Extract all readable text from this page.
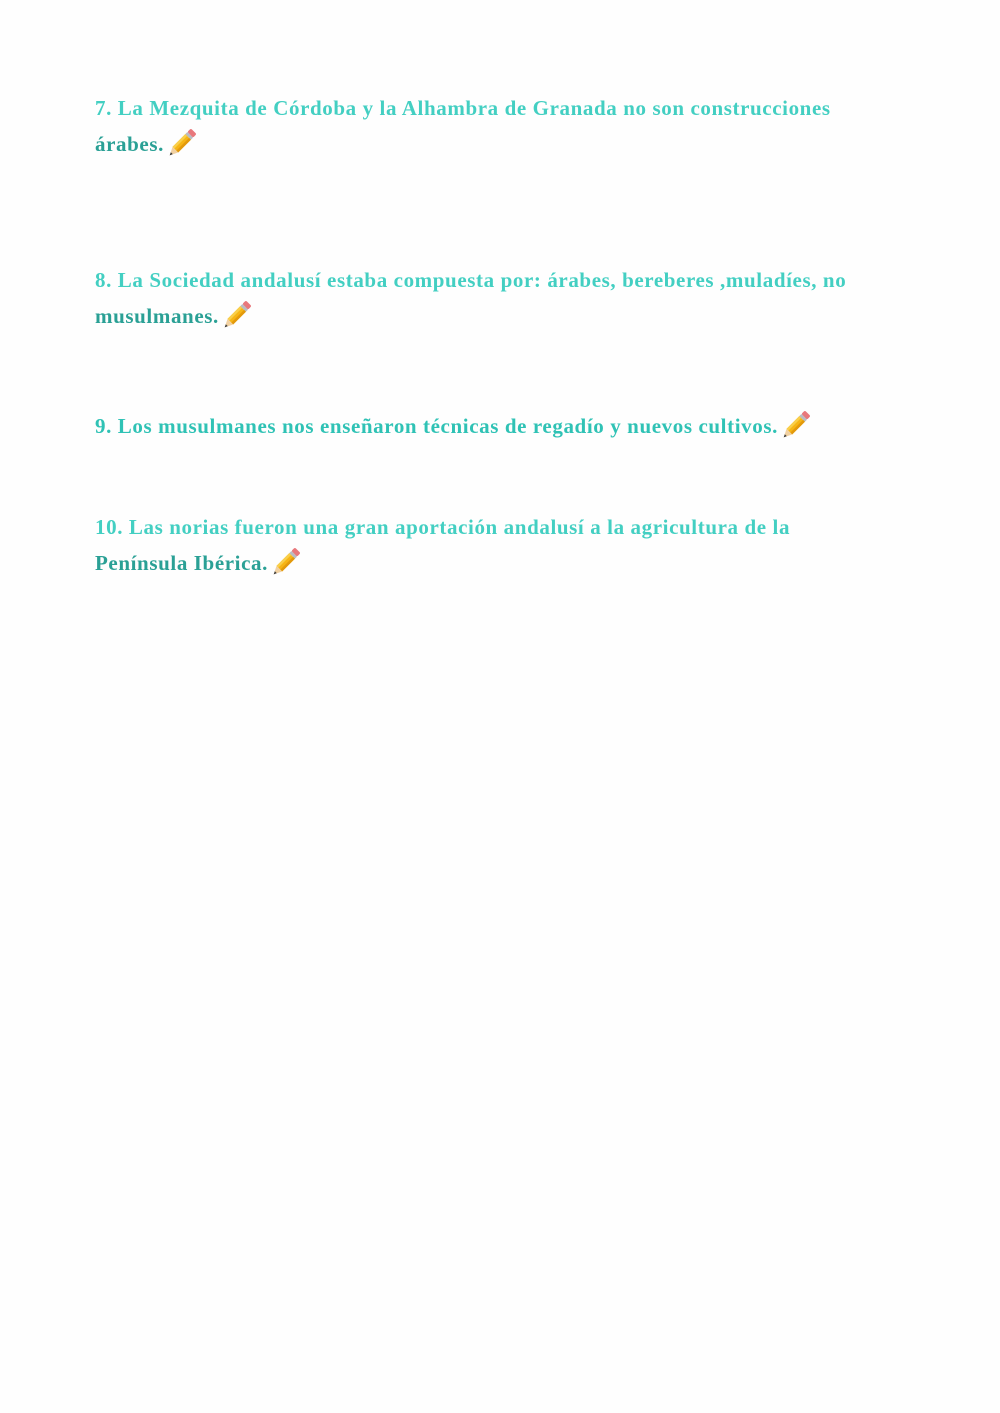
7. La Mezquita de Córdoba y la Alhambra de Granada no son construcciones
árabes.

8. La Sociedad andalusí estaba compuesta por: árabes, bereberes ,muladíes, no
musulmanes.

9. Los musulmanes nos enseñaron técnicas de regadío y nuevos cultivos.

10. Las norias fueron una gran aportación andalusí a la agricultura de la
Península Ibérica.
